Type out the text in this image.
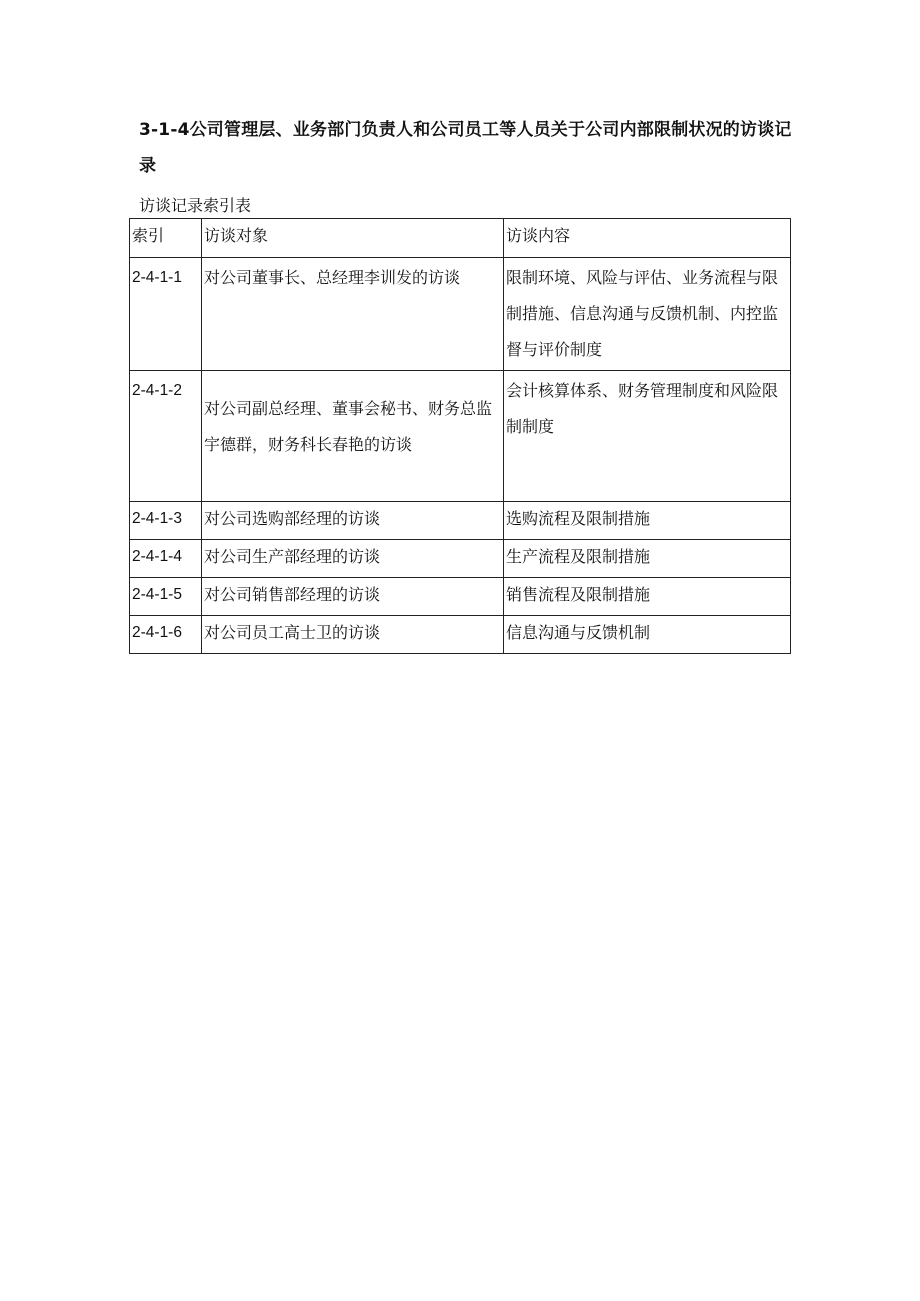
3-1-4公司管理层、业务部门负责人和公司员工等人员关于公司内部限制状况的访谈记录
访谈记录索引表
索引	访谈对象	访谈内容
2-4-1-1	对公司董事长、总经理李训发的访谈	限制环境、风险与评估、业务流程与限制措施、信息沟通与反馈机制、内控监督与评价制度
2-4-1-2	对公司副总经理、董事会秘书、财务总监宇德群，财务科长春艳的访谈	会计核算体系、财务管理制度和风险限制制度
2-4-1-3	对公司选购部经理的访谈	选购流程及限制措施
2-4-1-4	对公司生产部经理的访谈	生产流程及限制措施
2-4-1-5	对公司销售部经理的访谈	销售流程及限制措施
2-4-1-6	对公司员工高士卫的访谈	信息沟通与反馈机制
